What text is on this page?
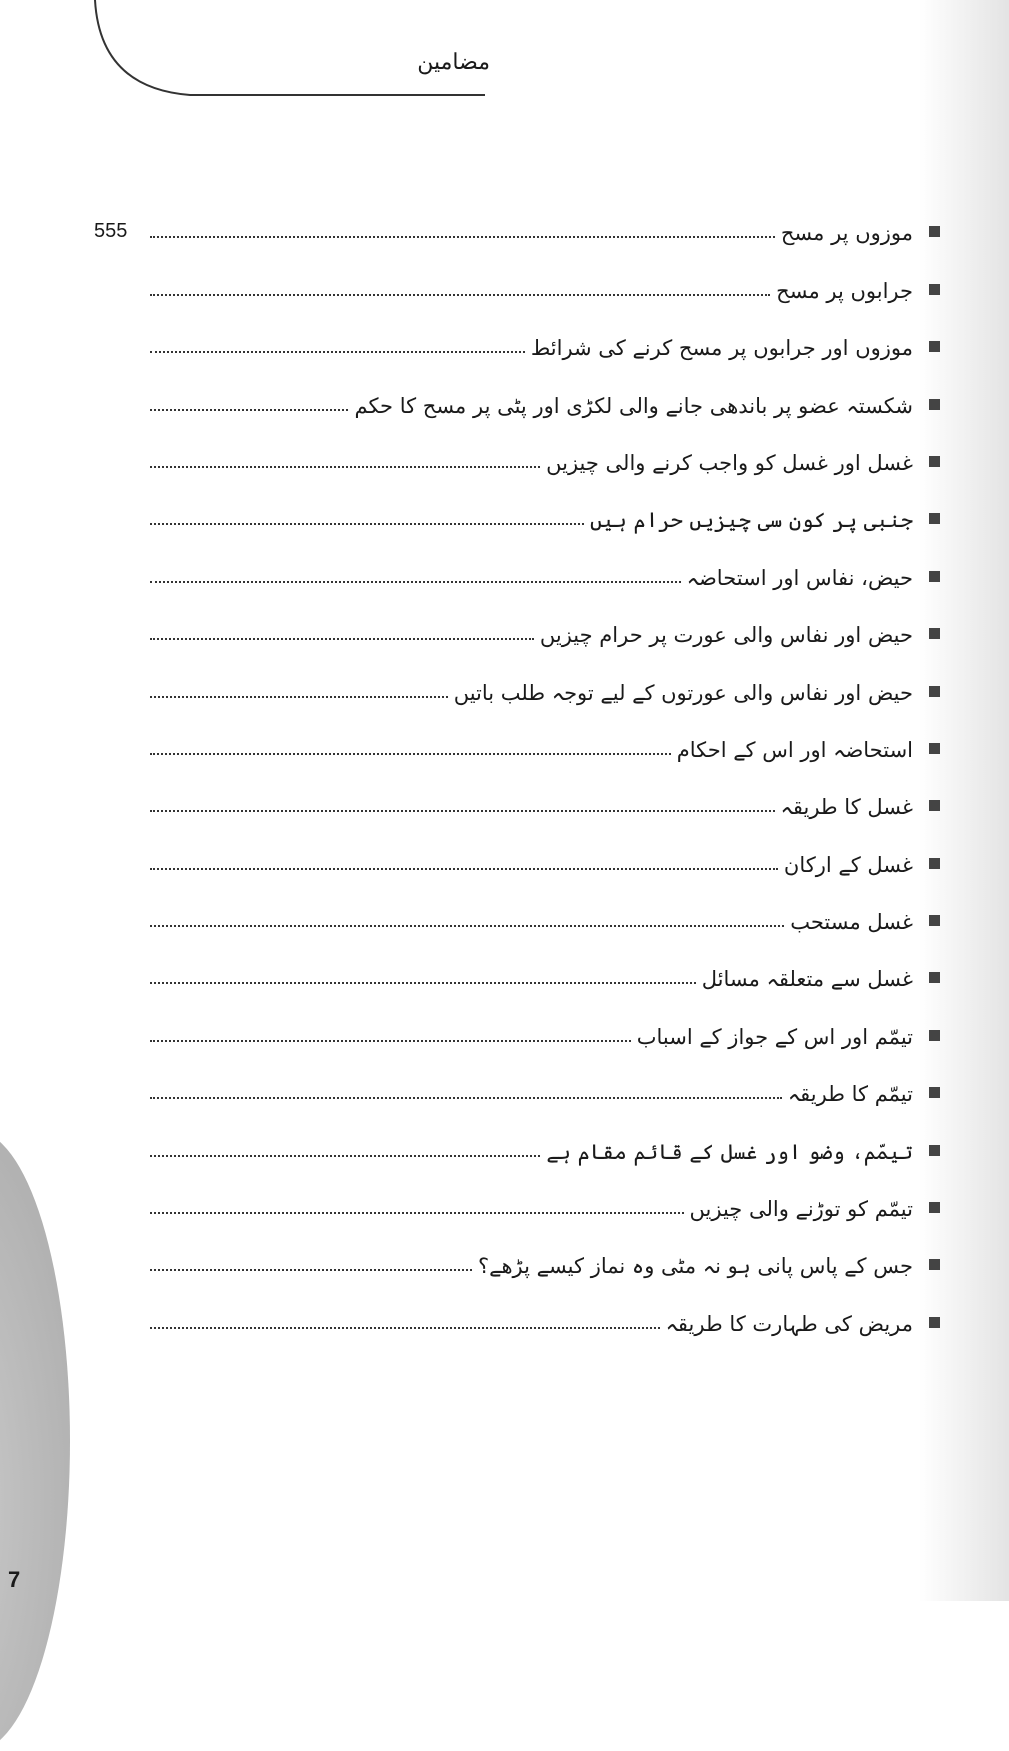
مضامین
موزوں پر مسح
555
جرابوں پر مسح
موزوں اور جرابوں پر مسح کرنے کی شرائط
شکستہ عضو پر باندھی جانے والی لکڑی اور پٹی پر مسح کا حکم
غسل اور غسل کو واجب کرنے والی چیزیں
جنبی پر کون سی چیزیں حرام ہیں
حیض، نفاس اور استحاضہ
حیض اور نفاس والی عورت پر حرام چیزیں
حیض اور نفاس والی عورتوں کے لیے توجہ طلب باتیں
استحاضہ اور اس کے احکام
غسل کا طریقہ
غسل کے ارکان
غسل مستحب
غسل سے متعلقہ مسائل
تیمّم اور اس کے جواز کے اسباب
تیمّم کا طریقہ
تیمّم، وضو اور غسل کے قائم مقام ہے
تیمّم کو توڑنے والی چیزیں
جس کے پاس پانی ہو نہ مٹی وہ نماز کیسے پڑھے؟
مریض کی طہارت کا طریقہ
7
